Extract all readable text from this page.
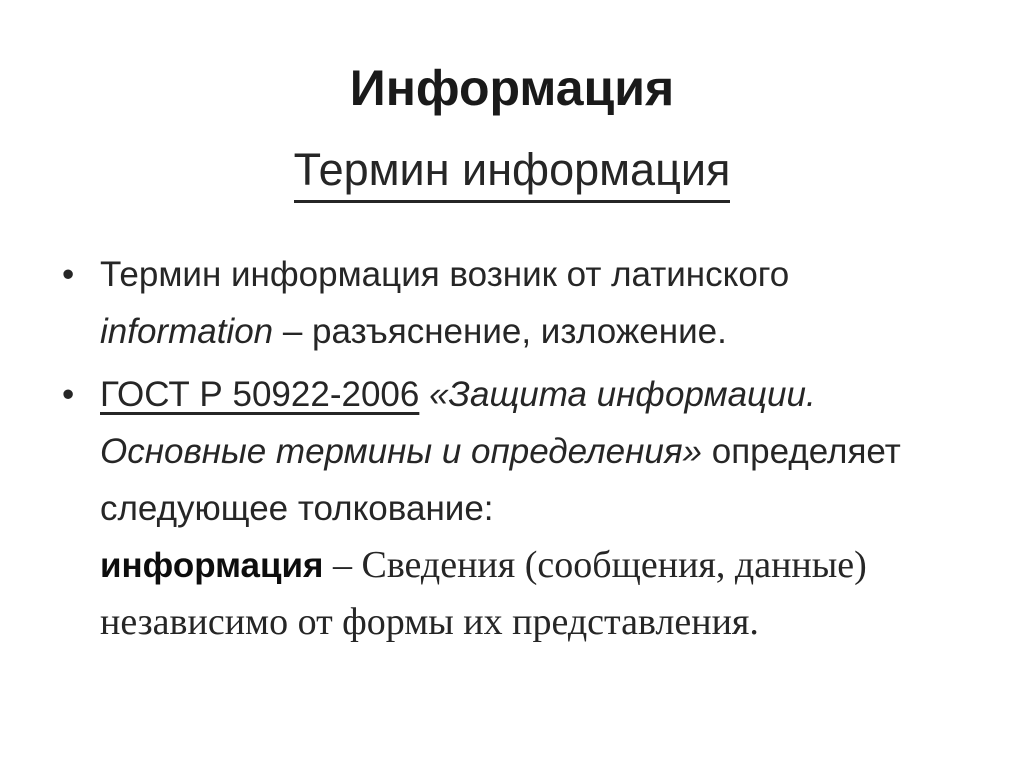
Информация
Термин информация
• Термин информация возник от латинского
information – разъяснение, изложение.
• ГОСТ Р 50922-2006 «Защита информации. Основные термины и определения» определяет следующее толкование:
информация – Сведения (сообщения, данные) независимо от формы их представления.
